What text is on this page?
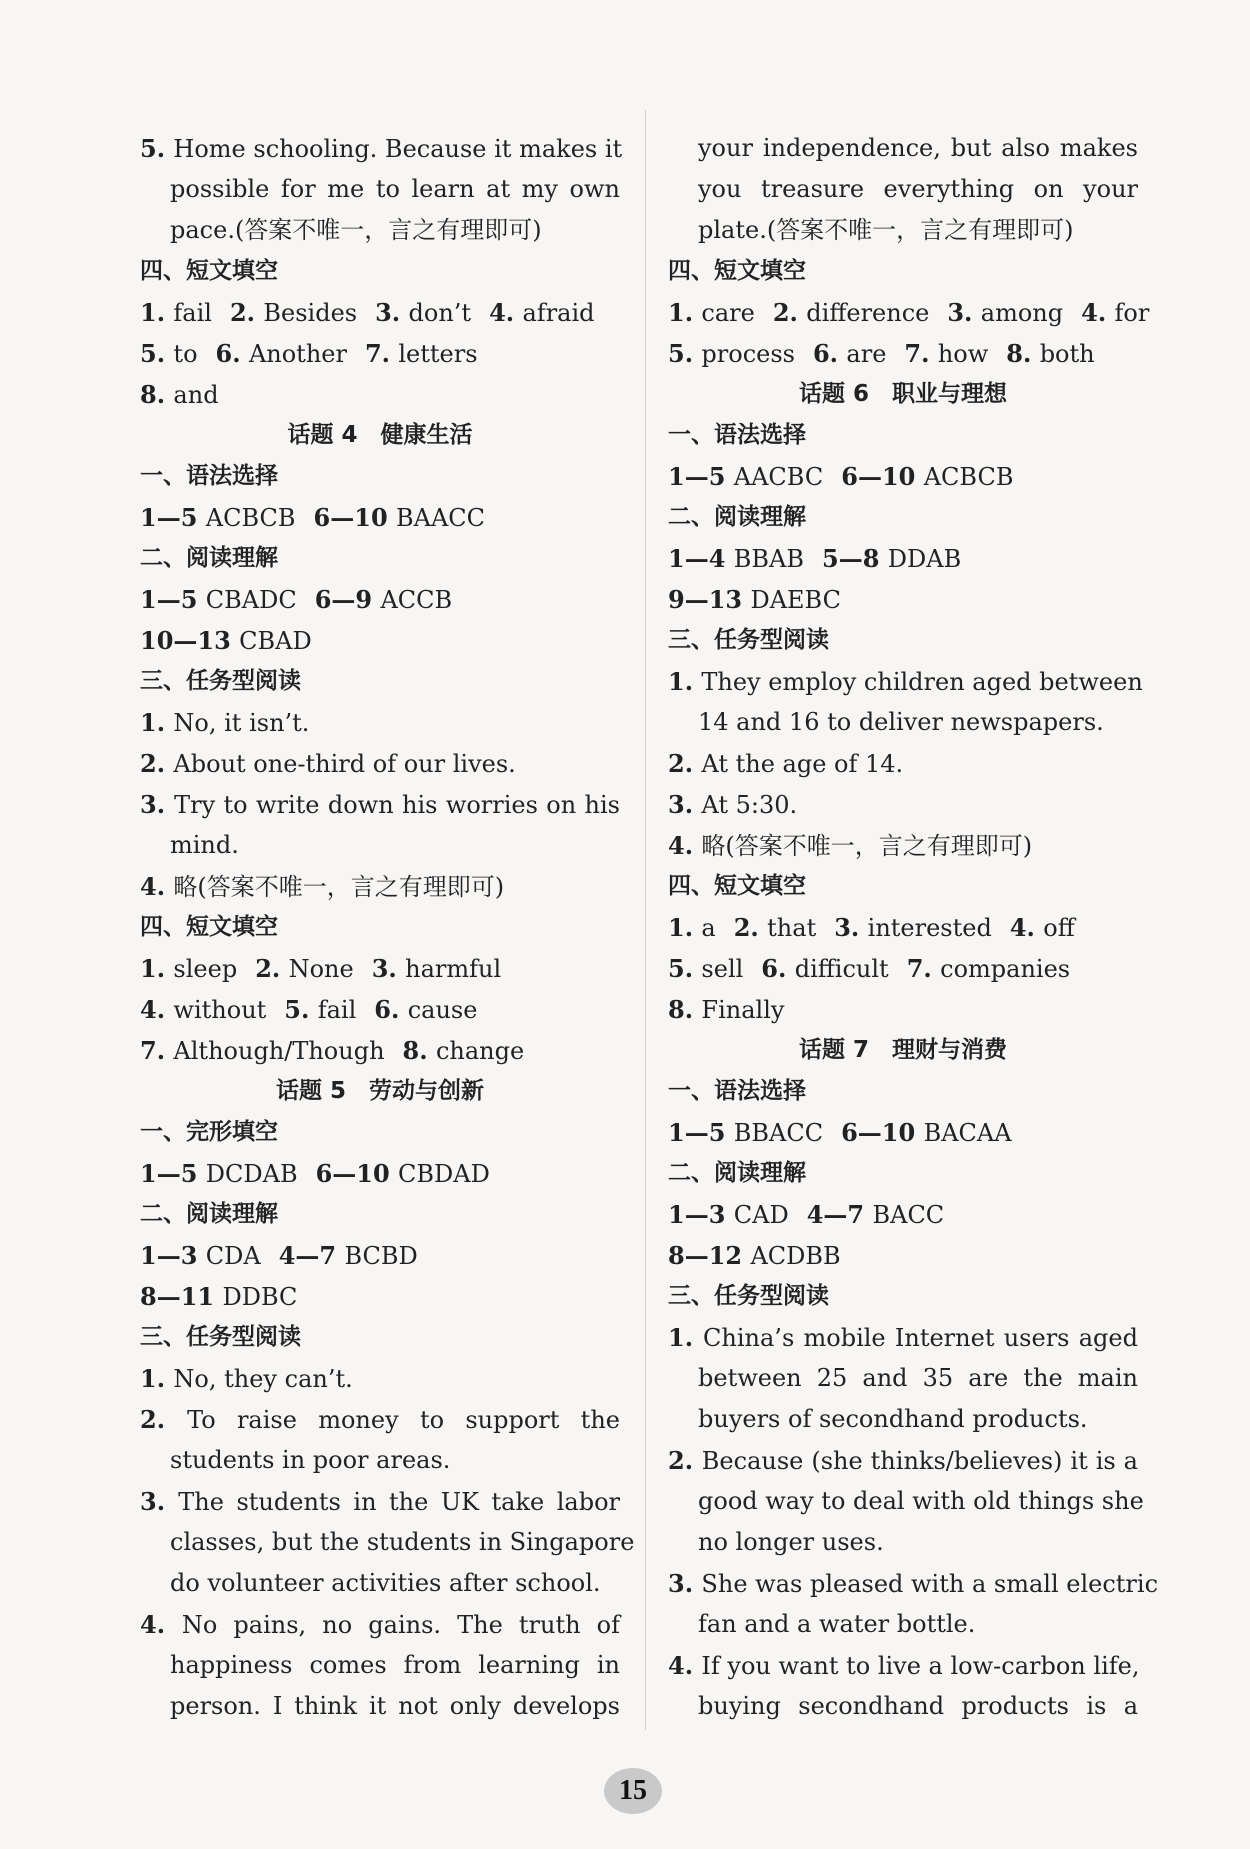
5. Home schooling. Because it makes it
possible for me to learn at my own
pace.(答案不唯一，言之有理即可)
四、短文填空
1. fail 2. Besides 3. don’t 4. afraid
5. to 6. Another 7. letters
8. and
话题 4　健康生活
一、语法选择
1—5 ACBCB 6—10 BAACC
二、阅读理解
1—5 CBADC 6—9 ACCB
10—13 CBAD
三、任务型阅读
1. No, it isn’t.
2. About one-third of our lives.
3. Try to write down his worries on his
mind.
4. 略(答案不唯一，言之有理即可)
四、短文填空
1. sleep 2. None 3. harmful
4. without 5. fail 6. cause
7. Although/Though 8. change
话题 5　劳动与创新
一、完形填空
1—5 DCDAB 6—10 CBDAD
二、阅读理解
1—3 CDA 4—7 BCBD
8—11 DDBC
三、任务型阅读
1. No, they can’t.
2. To raise money to support the
students in poor areas.
3. The students in the UK take labor
classes, but the students in Singapore
do volunteer activities after school.
4. No pains, no gains. The truth of
happiness comes from learning in
person. I think it not only develops
your independence, but also makes
you treasure everything on your
plate.(答案不唯一，言之有理即可)
四、短文填空
1. care 2. difference 3. among 4. for
5. process 6. are 7. how 8. both
话题 6　职业与理想
一、语法选择
1—5 AACBC 6—10 ACBCB
二、阅读理解
1—4 BBAB 5—8 DDAB
9—13 DAEBC
三、任务型阅读
1. They employ children aged between
14 and 16 to deliver newspapers.
2. At the age of 14.
3. At 5:30.
4. 略(答案不唯一，言之有理即可)
四、短文填空
1. a 2. that 3. interested 4. off
5. sell 6. difficult 7. companies
8. Finally
话题 7　理财与消费
一、语法选择
1—5 BBACC 6—10 BACAA
二、阅读理解
1—3 CAD 4—7 BACC
8—12 ACDBB
三、任务型阅读
1. China’s mobile Internet users aged
between 25 and 35 are the main
buyers of secondhand products.
2. Because (she thinks/believes) it is a
good way to deal with old things she
no longer uses.
3. She was pleased with a small electric
fan and a water bottle.
4. If you want to live a low-carbon life,
buying secondhand products is a
15
